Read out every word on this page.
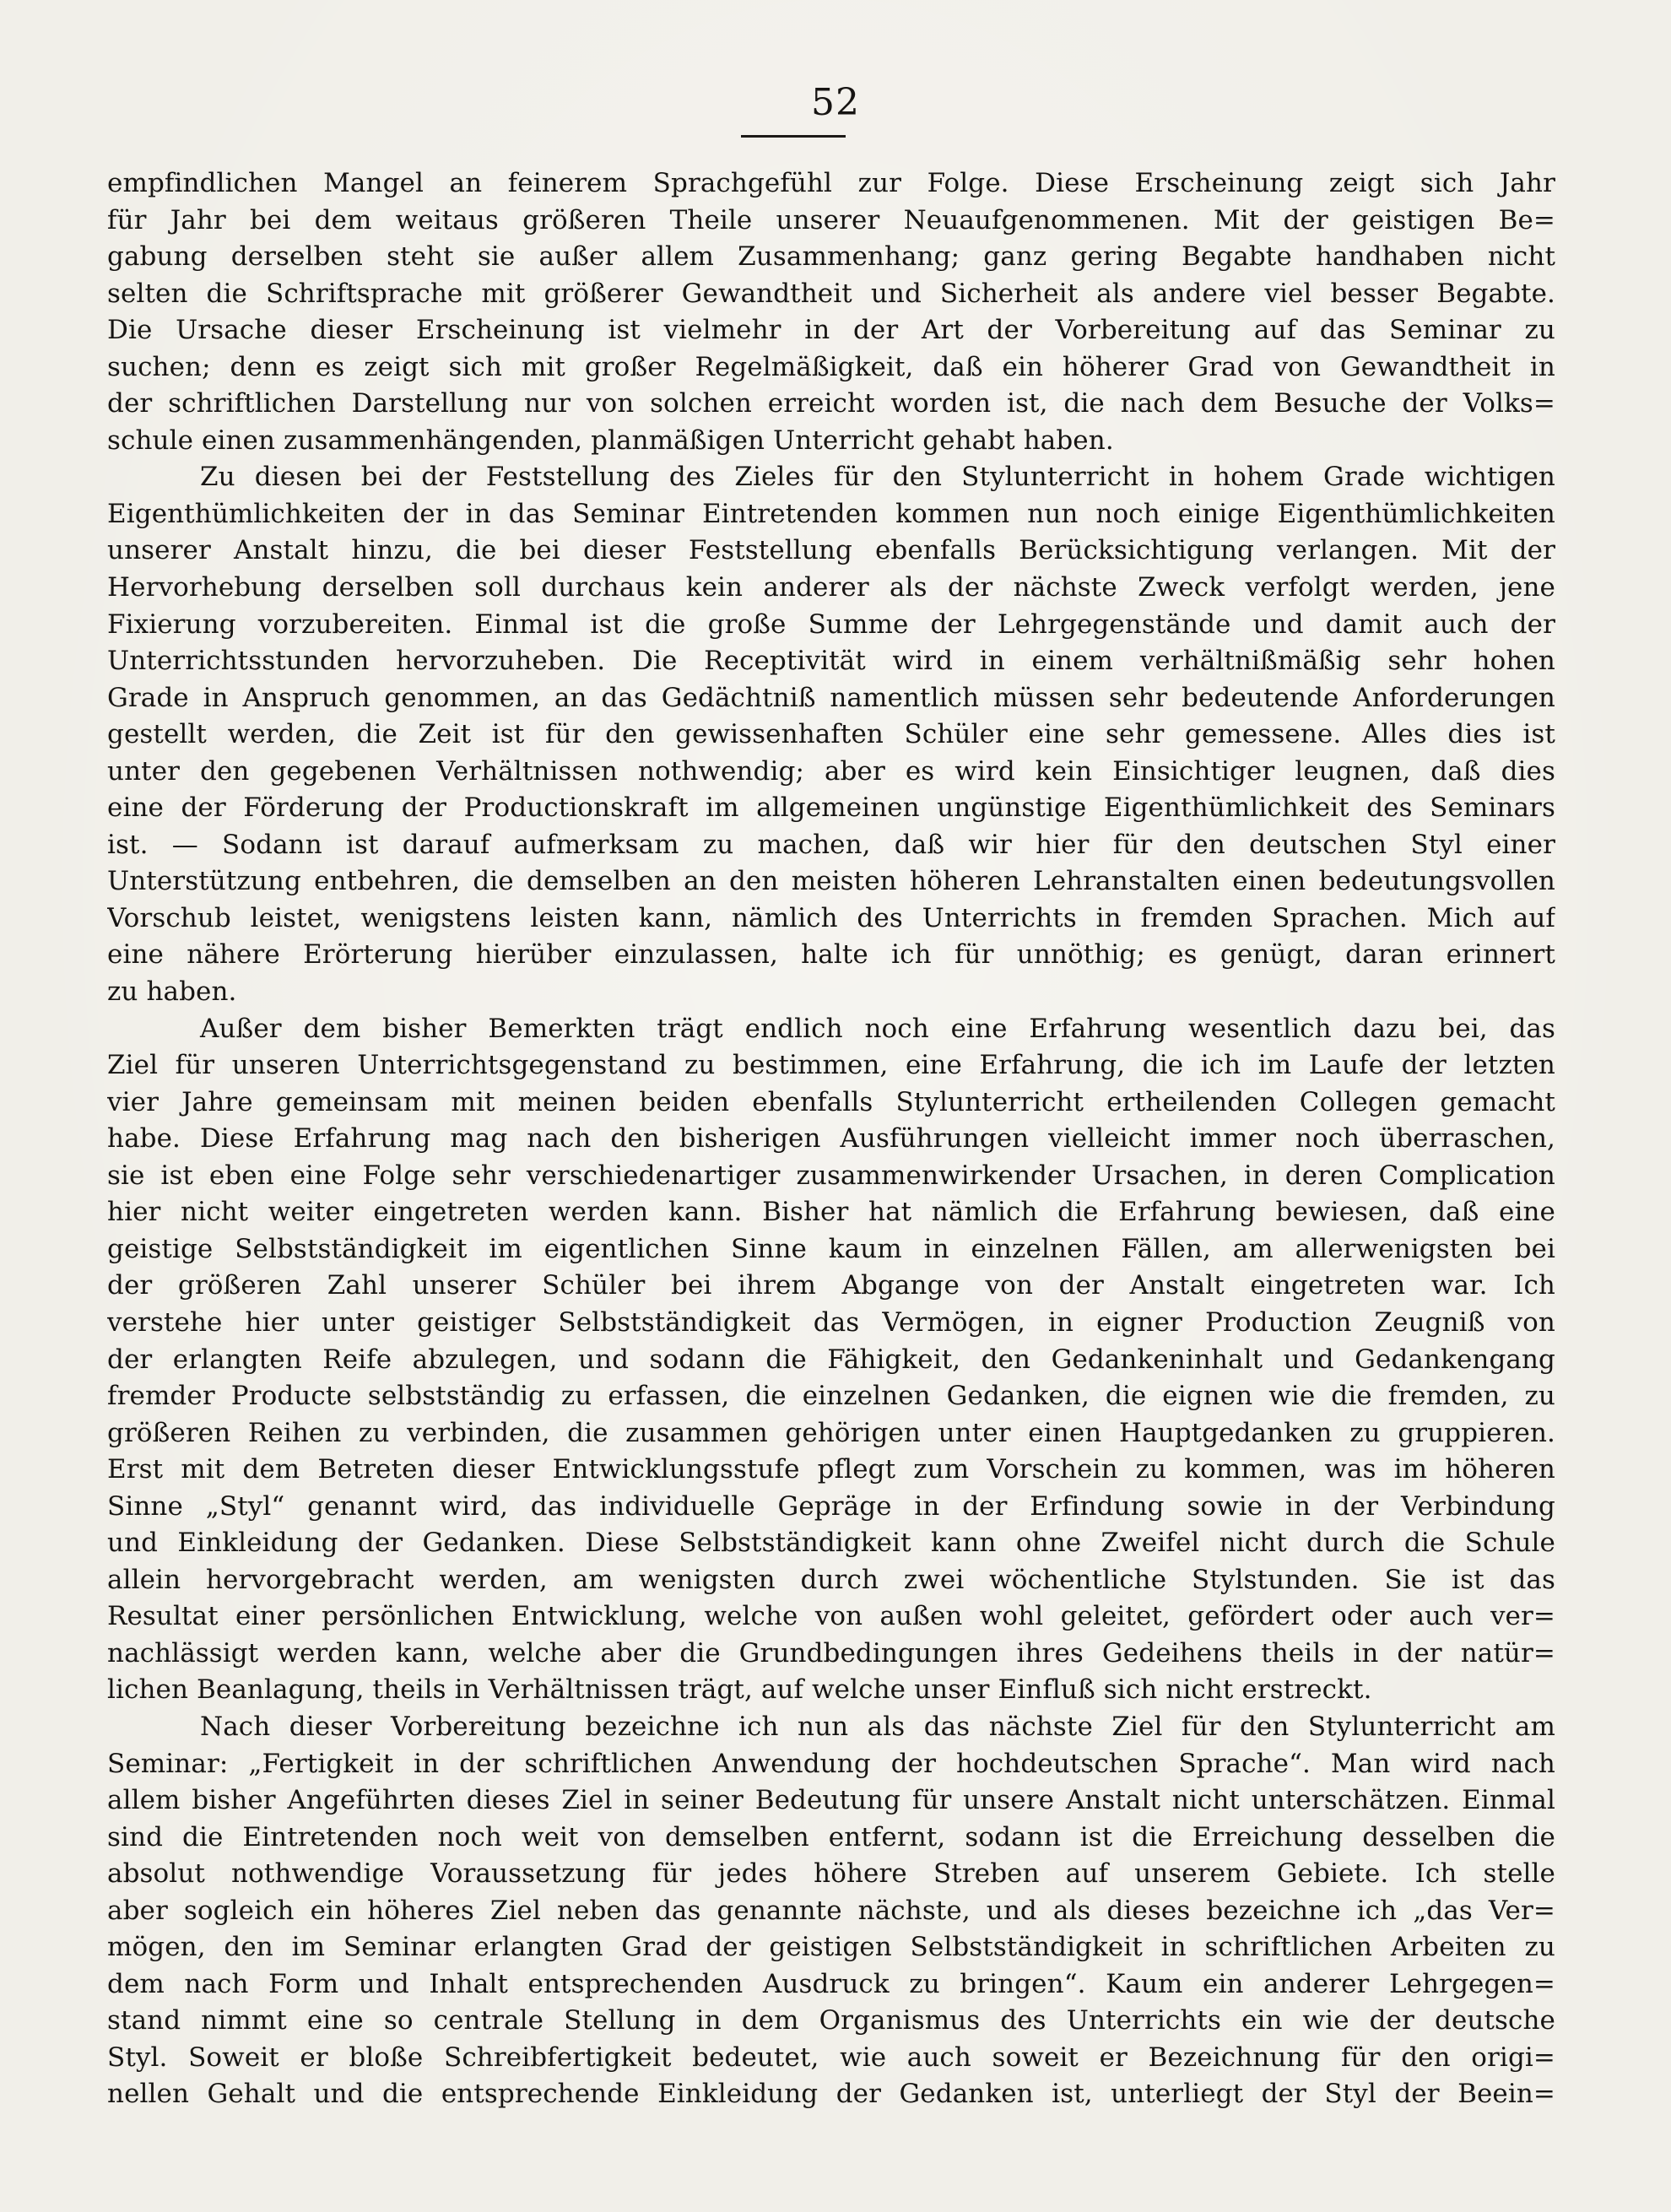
52
empfindlichen Mangel an feinerem Sprachgefühl zur Folge. Diese Erscheinung zeigt sich Jahr
für Jahr bei dem weitaus größeren Theile unserer Neuaufgenommenen. Mit der geistigen Be=
gabung derselben steht sie außer allem Zusammenhang; ganz gering Begabte handhaben nicht
selten die Schriftsprache mit größerer Gewandtheit und Sicherheit als andere viel besser Begabte.
Die Ursache dieser Erscheinung ist vielmehr in der Art der Vorbereitung auf das Seminar zu
suchen; denn es zeigt sich mit großer Regelmäßigkeit, daß ein höherer Grad von Gewandtheit in
der schriftlichen Darstellung nur von solchen erreicht worden ist, die nach dem Besuche der Volks=
schule einen zusammenhängenden, planmäßigen Unterricht gehabt haben.
Zu diesen bei der Feststellung des Zieles für den Stylunterricht in hohem Grade wichtigen
Eigenthümlichkeiten der in das Seminar Eintretenden kommen nun noch einige Eigenthümlichkeiten
unserer Anstalt hinzu, die bei dieser Feststellung ebenfalls Berücksichtigung verlangen. Mit der
Hervorhebung derselben soll durchaus kein anderer als der nächste Zweck verfolgt werden, jene
Fixierung vorzubereiten. Einmal ist die große Summe der Lehrgegenstände und damit auch der
Unterrichtsstunden hervorzuheben. Die Receptivität wird in einem verhältnißmäßig sehr hohen
Grade in Anspruch genommen, an das Gedächtniß namentlich müssen sehr bedeutende Anforderungen
gestellt werden, die Zeit ist für den gewissenhaften Schüler eine sehr gemessene. Alles dies ist
unter den gegebenen Verhältnissen nothwendig; aber es wird kein Einsichtiger leugnen, daß dies
eine der Förderung der Productionskraft im allgemeinen ungünstige Eigenthümlichkeit des Seminars
ist. — Sodann ist darauf aufmerksam zu machen, daß wir hier für den deutschen Styl einer
Unterstützung entbehren, die demselben an den meisten höheren Lehranstalten einen bedeutungsvollen
Vorschub leistet, wenigstens leisten kann, nämlich des Unterrichts in fremden Sprachen. Mich auf
eine nähere Erörterung hierüber einzulassen, halte ich für unnöthig; es genügt, daran erinnert
zu haben.
Außer dem bisher Bemerkten trägt endlich noch eine Erfahrung wesentlich dazu bei, das
Ziel für unseren Unterrichtsgegenstand zu bestimmen, eine Erfahrung, die ich im Laufe der letzten
vier Jahre gemeinsam mit meinen beiden ebenfalls Stylunterricht ertheilenden Collegen gemacht
habe. Diese Erfahrung mag nach den bisherigen Ausführungen vielleicht immer noch überraschen,
sie ist eben eine Folge sehr verschiedenartiger zusammenwirkender Ursachen, in deren Complication
hier nicht weiter eingetreten werden kann. Bisher hat nämlich die Erfahrung bewiesen, daß eine
geistige Selbstständigkeit im eigentlichen Sinne kaum in einzelnen Fällen, am allerwenigsten bei
der größeren Zahl unserer Schüler bei ihrem Abgange von der Anstalt eingetreten war. Ich
verstehe hier unter geistiger Selbstständigkeit das Vermögen, in eigner Production Zeugniß von
der erlangten Reife abzulegen, und sodann die Fähigkeit, den Gedankeninhalt und Gedankengang
fremder Producte selbstständig zu erfassen, die einzelnen Gedanken, die eignen wie die fremden, zu
größeren Reihen zu verbinden, die zusammen gehörigen unter einen Hauptgedanken zu gruppieren.
Erst mit dem Betreten dieser Entwicklungsstufe pflegt zum Vorschein zu kommen, was im höheren
Sinne „Styl“ genannt wird, das individuelle Gepräge in der Erfindung sowie in der Verbindung
und Einkleidung der Gedanken. Diese Selbstständigkeit kann ohne Zweifel nicht durch die Schule
allein hervorgebracht werden, am wenigsten durch zwei wöchentliche Stylstunden. Sie ist das
Resultat einer persönlichen Entwicklung, welche von außen wohl geleitet, gefördert oder auch ver=
nachlässigt werden kann, welche aber die Grundbedingungen ihres Gedeihens theils in der natür=
lichen Beanlagung, theils in Verhältnissen trägt, auf welche unser Einfluß sich nicht erstreckt.
Nach dieser Vorbereitung bezeichne ich nun als das nächste Ziel für den Stylunterricht am
Seminar: „Fertigkeit in der schriftlichen Anwendung der hochdeutschen Sprache“. Man wird nach
allem bisher Angeführten dieses Ziel in seiner Bedeutung für unsere Anstalt nicht unterschätzen. Einmal
sind die Eintretenden noch weit von demselben entfernt, sodann ist die Erreichung desselben die
absolut nothwendige Voraussetzung für jedes höhere Streben auf unserem Gebiete. Ich stelle
aber sogleich ein höheres Ziel neben das genannte nächste, und als dieses bezeichne ich „das Ver=
mögen, den im Seminar erlangten Grad der geistigen Selbstständigkeit in schriftlichen Arbeiten zu
dem nach Form und Inhalt entsprechenden Ausdruck zu bringen“. Kaum ein anderer Lehrgegen=
stand nimmt eine so centrale Stellung in dem Organismus des Unterrichts ein wie der deutsche
Styl. Soweit er bloße Schreibfertigkeit bedeutet, wie auch soweit er Bezeichnung für den origi=
nellen Gehalt und die entsprechende Einkleidung der Gedanken ist, unterliegt der Styl der Beein=
